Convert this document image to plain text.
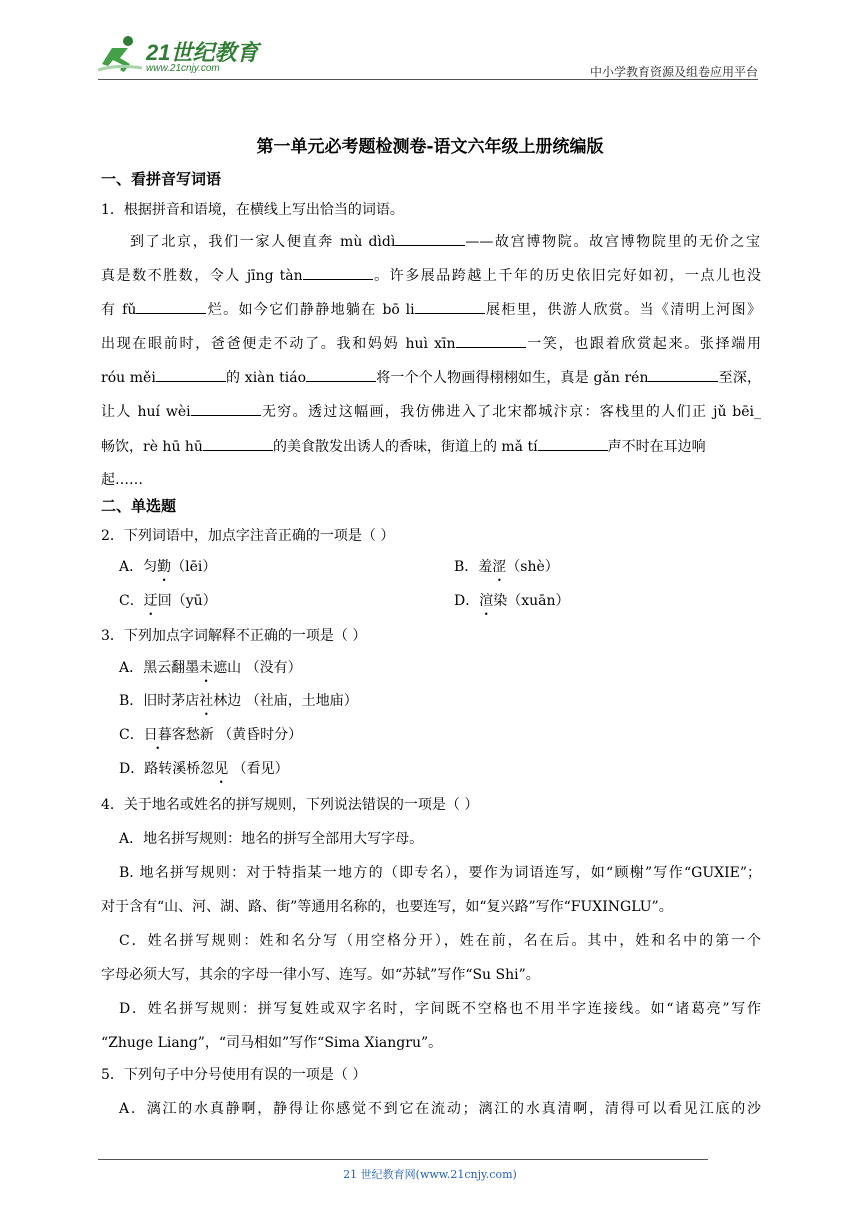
21世纪教育
www.21cnjy.com	中小学教育资源及组卷应用平台
第一单元必考题检测卷-语文六年级上册统编版
一、看拼音写词语
1．根据拼音和语境，在横线上写出恰当的词语。
到了北京，我们一家人便直奔 mù dìdì	——故宫博物院。故宫博物院里的无价之宝
真是数不胜数，令人 jīng tàn	。许多展品跨越上千年的历史依旧完好如初，一点儿也没
有 fǔ	烂。如今它们静静地躺在 bō li	展柜里，供游人欣赏。当《清明上河图》
出现在眼前时，爸爸便走不动了。我和妈妈 huì xīn	一笑，也跟着欣赏起来。张择端用
róu měi	的 xiàn tiáo	将一个个人物画得栩栩如生，真是 gǎn rén	至深，
让人 huí wèi	无穷。透过这幅画，我仿佛进入了北宋都城汴京：客栈里的人们正 jǔ bēi_
畅饮，rè hū hū	的美食散发出诱人的香味，街道上的 mǎ tí	声不时在耳边响
起……
二、单选题
2．下列词语中，加点字注音正确的一项是（ ）
A．匀勤（lēi）	B．羞涩（shè）
C．迂回（yū）	D．渲染（xuān）
3．下列加点字词解释不正确的一项是（ ）
A．黑云翻墨未遮山 （没有）
B．旧时茅店社林边 （社庙，土地庙）
C．日暮客愁新 （黄昏时分）
D．路转溪桥忽见 （看见）
4．关于地名或姓名的拼写规则，下列说法错误的一项是（ ）
A．地名拼写规则：地名的拼写全部用大写字母。
B. 地名拼写规则：对于特指某一地方的（即专名），要作为词语连写，如“顾榭”写作“GUXIE”；
对于含有“山、河、湖、路、街”等通用名称的，也要连写，如“复兴路”写作“FUXINGLU”。
C．姓名拼写规则：姓和名分写（用空格分开），姓在前，名在后。其中，姓和名中的第一个
字母必须大写，其余的字母一律小写、连写。如“苏轼”写作“Su Shi”。
D．姓名拼写规则：拼写复姓或双字名时，字间既不空格也不用半字连接线。如“诸葛亮”写作
“Zhuge Liang”，“司马相如”写作“Sima Xiangru”。
5．下列句子中分号使用有误的一项是（ ）
A．漓江的水真静啊，静得让你感觉不到它在流动；漓江的水真清啊，清得可以看见江底的沙
21 世纪教育网(www.21cnjy.com)
